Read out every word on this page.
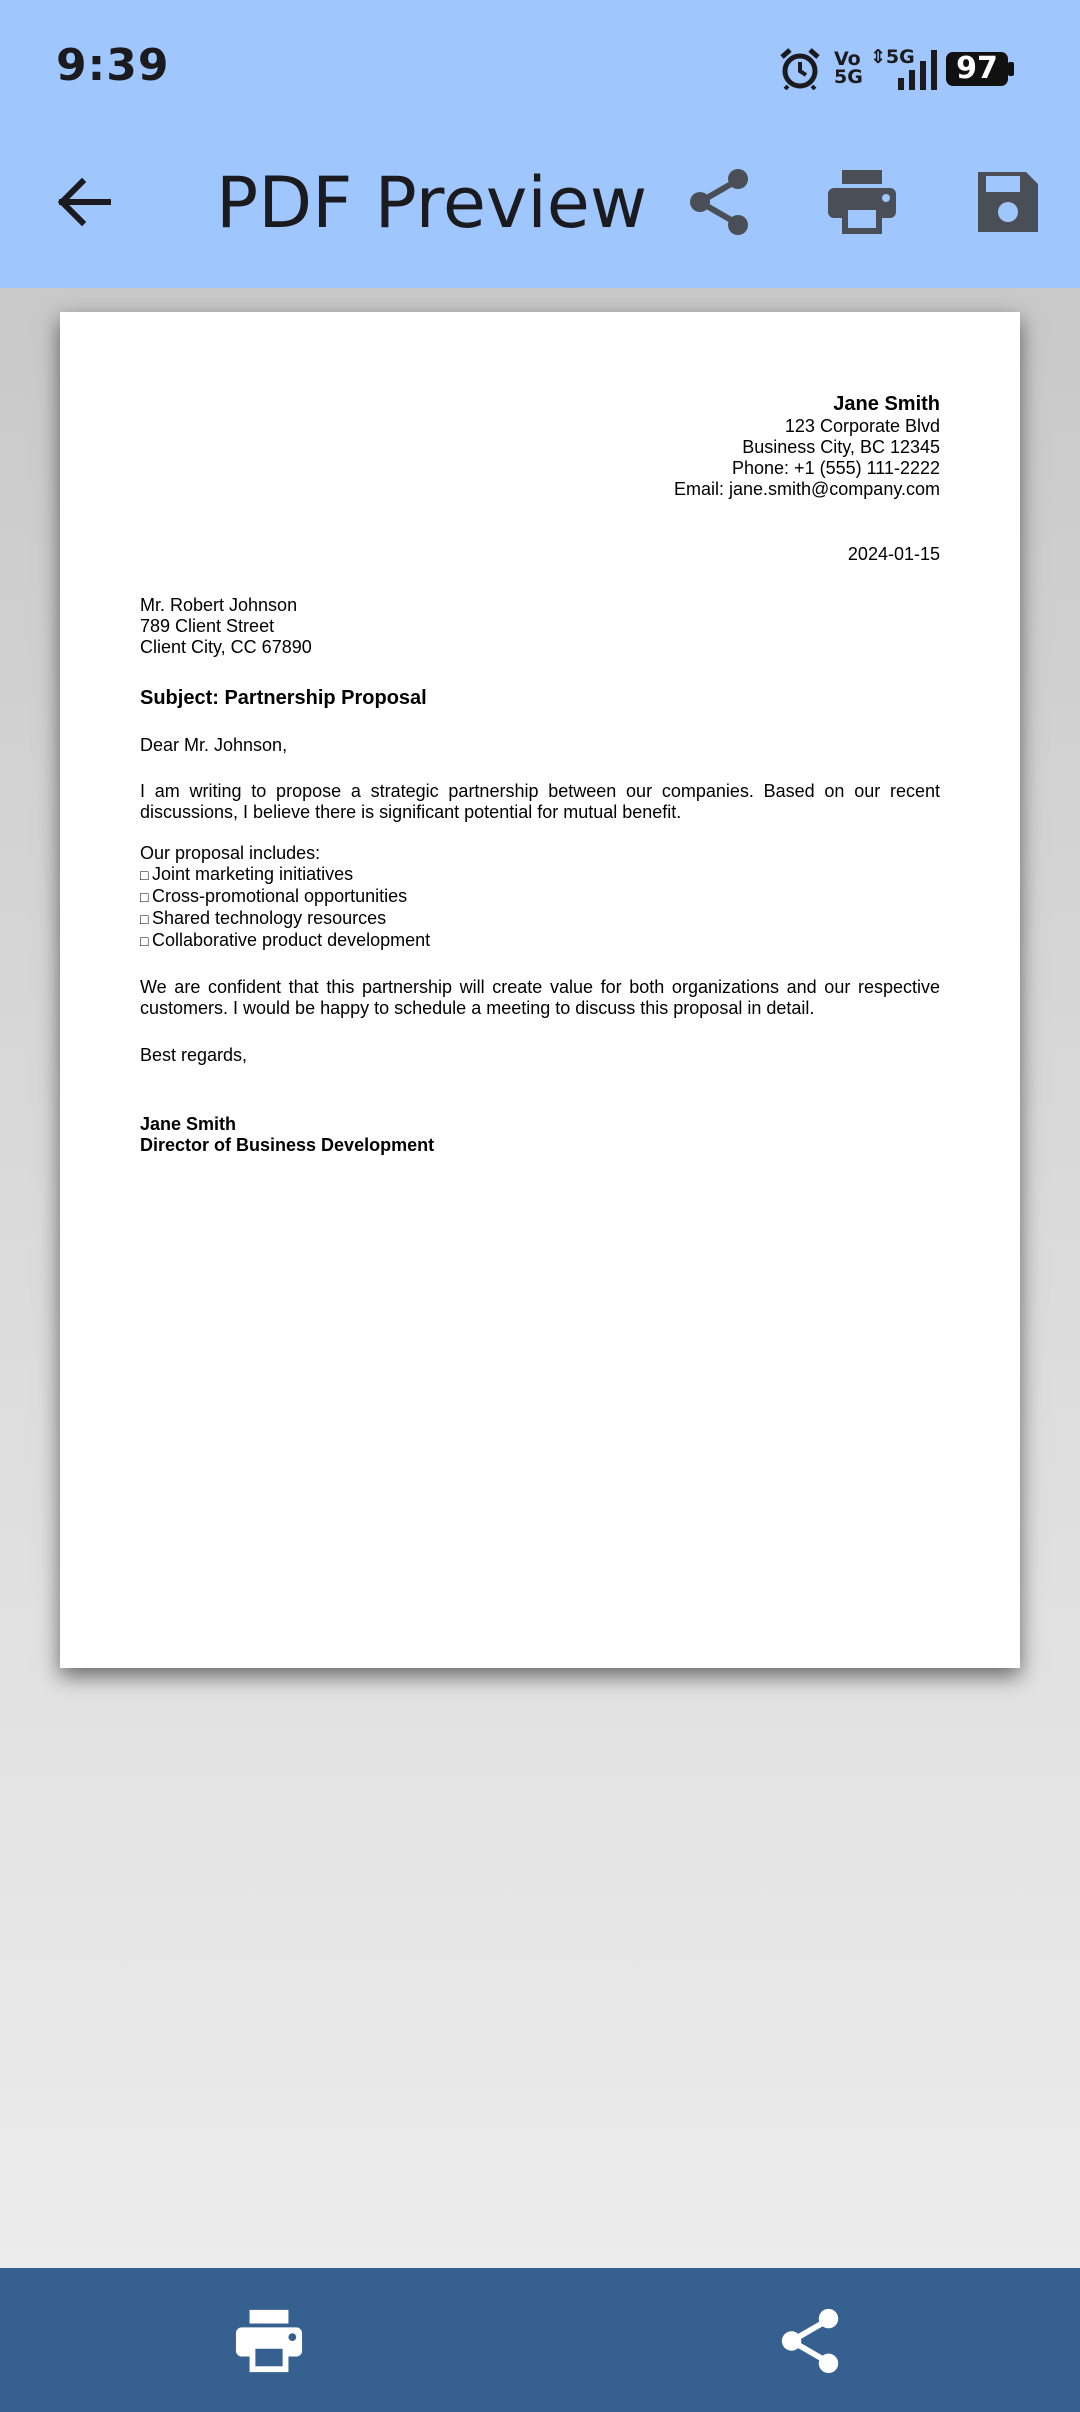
9:39	Vo
5G
⇕5G	97
PDF Preview
Jane Smith
123 Corporate Blvd
Business City, BC 12345
Phone: +1 (555) 111-2222
Email: jane.smith@company.com
2024-01-15
Mr. Robert Johnson
789 Client Street
Client City, CC 67890
Subject: Partnership Proposal
Dear Mr. Johnson,
I am writing to propose a strategic partnership between our companies. Based on our recent discussions, I believe there is significant potential for mutual benefit.
Our proposal includes:
□ Joint marketing initiatives
□ Cross-promotional opportunities
□ Shared technology resources
□ Collaborative product development
We are confident that this partnership will create value for both organizations and our respective customers. I would be happy to schedule a meeting to discuss this proposal in detail.
Best regards,
Jane Smith
Director of Business Development
